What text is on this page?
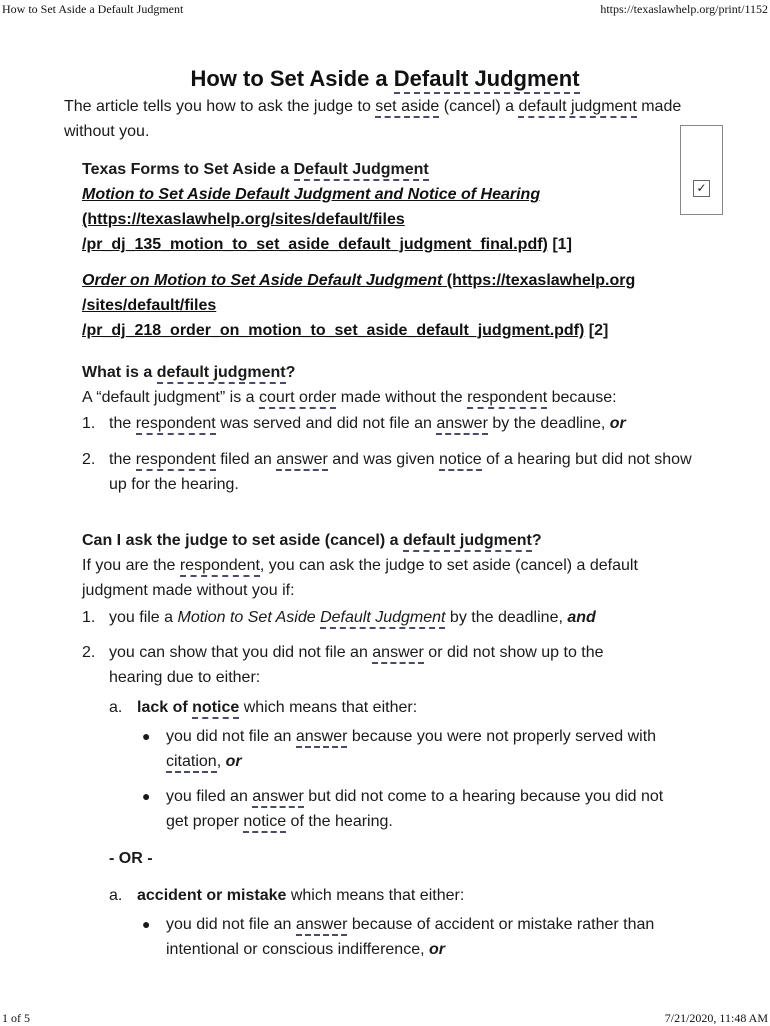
How to Set Aside a Default Judgment	https://texaslawhelp.org/print/1152
1 of 5	7/21/2020, 11:48 AM
How to Set Aside a Default Judgment

The article tells you how to ask the judge to set aside (cancel) a default judgment made without you.

✓
Texas Forms to Set Aside a Default Judgment
Motion to Set Aside Default Judgment and Notice of Hearing
(https://texaslawhelp.org/sites/default/files
/pr_dj_135_motion_to_set_aside_default_judgment_final.pdf) [1]
Order on Motion to Set Aside Default Judgment (https://texaslawhelp.org
/sites/default/files
/pr_dj_218_order_on_motion_to_set_aside_default_judgment.pdf) [2]
What is a default judgment?
A “default judgment” is a court order made without the respondent because:
1. the respondent was served and did not file an answer by the deadline, or
2. the respondent filed an answer and was given notice of a hearing but did not show up for the hearing.
Can I ask the judge to set aside (cancel) a default judgment?
If you are the respondent, you can ask the judge to set aside (cancel) a default judgment made without you if:
1. you file a Motion to Set Aside Default Judgment by the deadline, and
2. you can show that you did not file an answer or did not show up to the hearing due to either:
a. lack of notice which means that either:
● you did not file an answer because you were not properly served with citation, or
● you filed an answer but did not come to a hearing because you did not get proper notice of the hearing.
- OR -
a. accident or mistake which means that either:
● you did not file an answer because of accident or mistake rather than intentional or conscious indifference, or
